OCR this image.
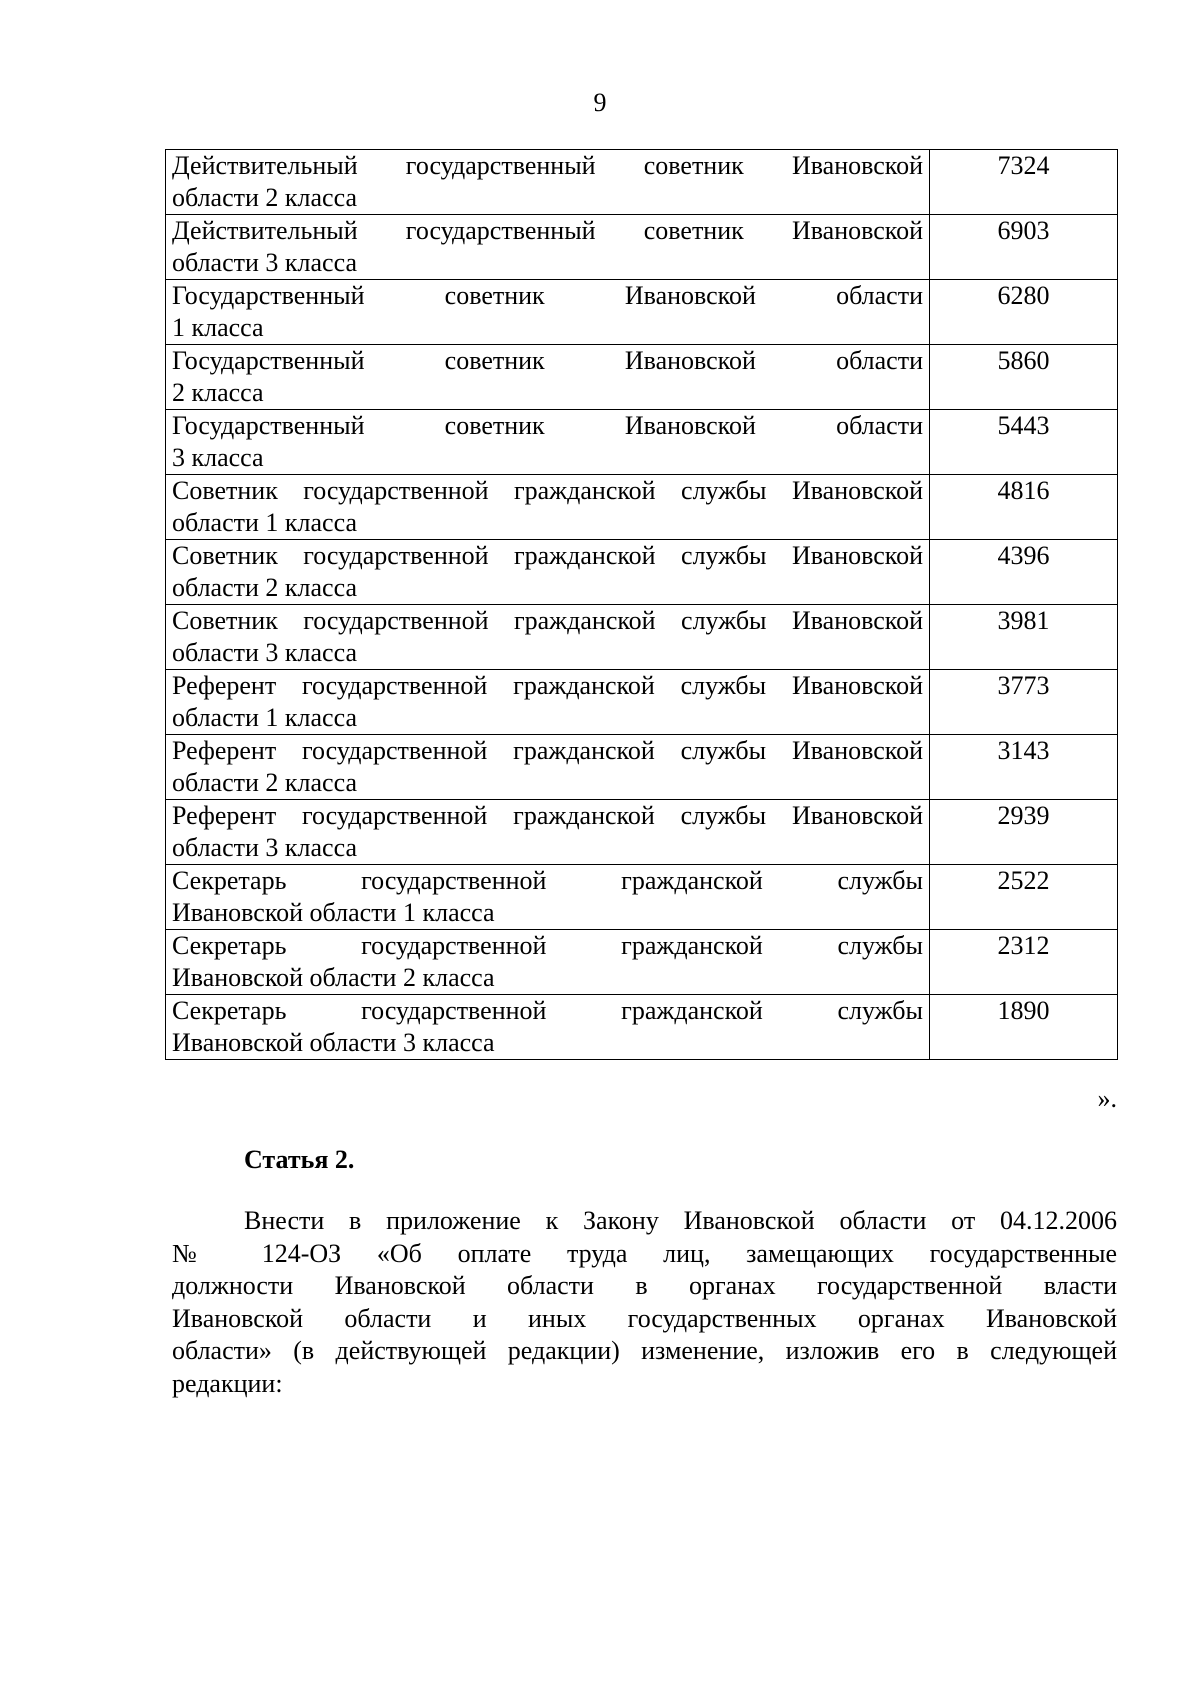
9
Действительный государственный советник Ивановской
области 2 класса	7324

Действительный государственный советник Ивановской
области 3 класса	6903

Государственный советник Ивановской области
1 класса	6280

Государственный советник Ивановской области
2 класса	5860

Государственный советник Ивановской области
3 класса	5443

Советник государственной гражданской службы Ивановской
области 1 класса	4816

Советник государственной гражданской службы Ивановской
области 2 класса	4396

Советник государственной гражданской службы Ивановской
области 3 класса	3981

Референт государственной гражданской службы Ивановской
области 1 класса	3773

Референт государственной гражданской службы Ивановской
области 2 класса	3143

Референт государственной гражданской службы Ивановской
области 3 класса	2939

Секретарь государственной гражданской службы
Ивановской области 1 класса	2522

Секретарь государственной гражданской службы
Ивановской области 2 класса	2312

Секретарь государственной гражданской службы
Ивановской области 3 класса	1890
».
Статья 2.
Внести в приложение к Закону Ивановской области от 04.12.2006
№ 124-ОЗ «Об оплате труда лиц, замещающих государственные
должности Ивановской области в органах государственной власти
Ивановской области и иных государственных органах Ивановской
области» (в действующей редакции) изменение, изложив его в следующей
редакции:
